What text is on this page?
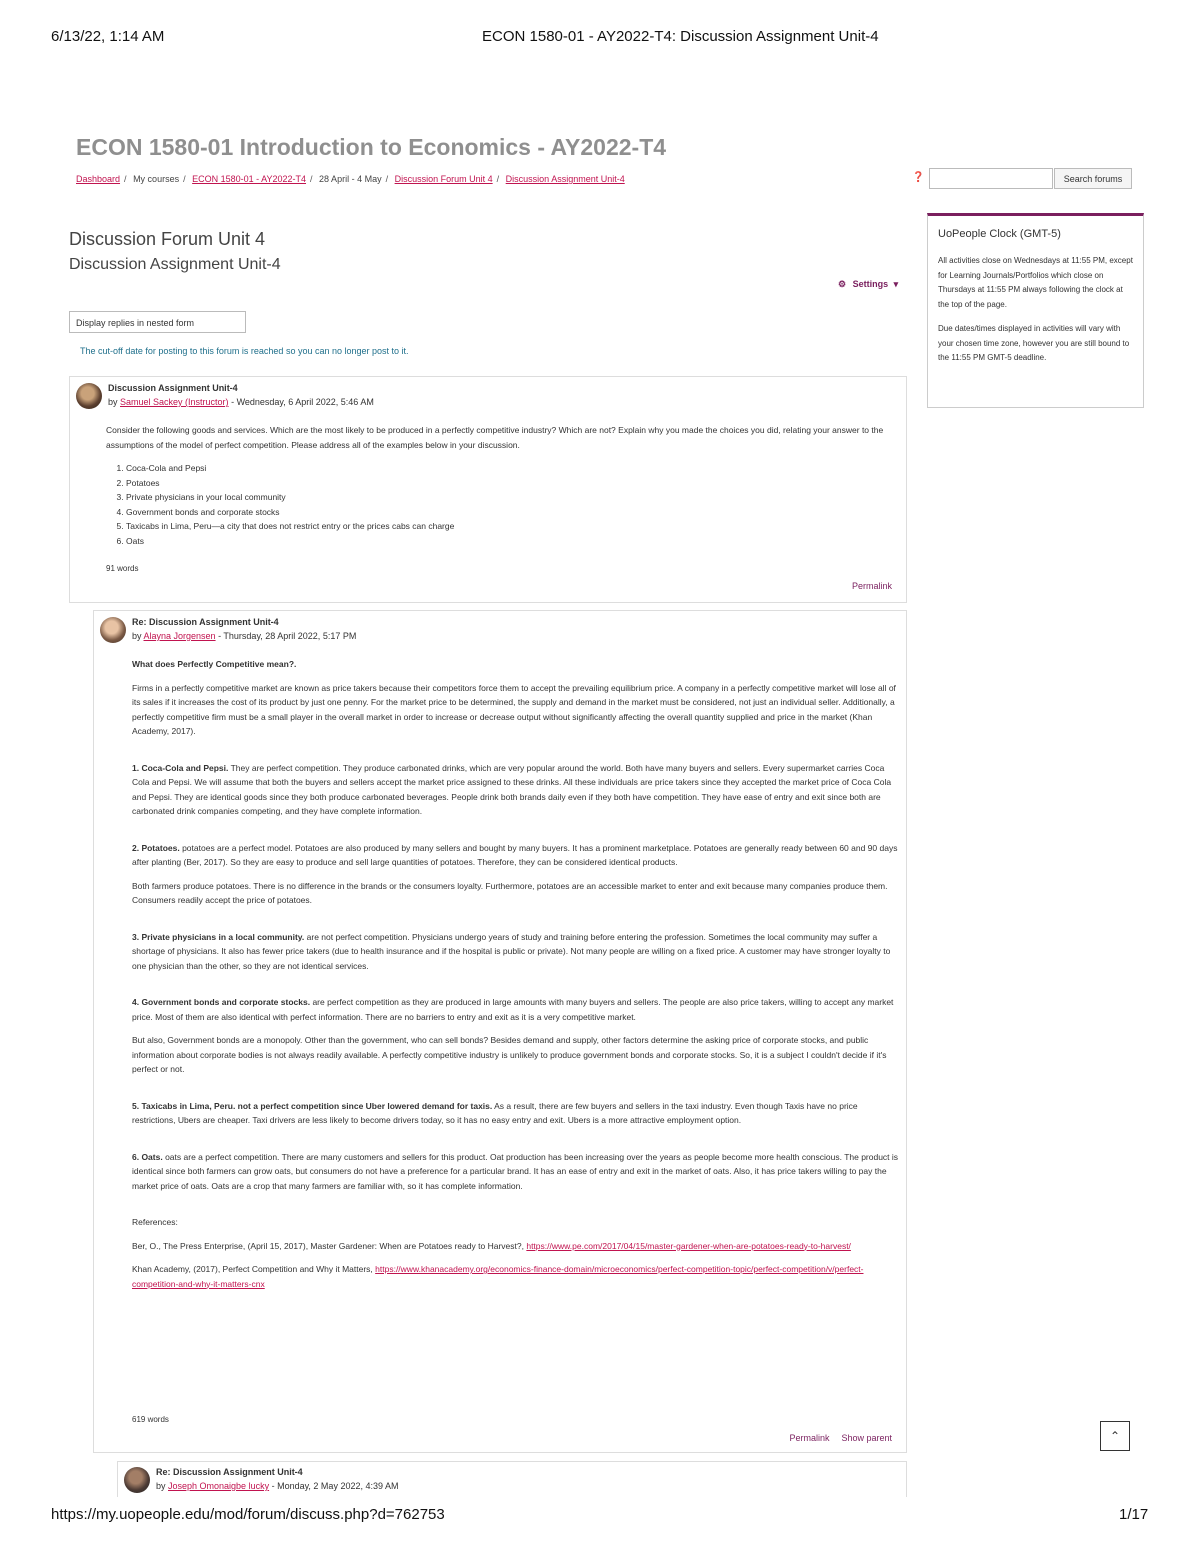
6/13/22, 1:14 AM	ECON 1580-01 - AY2022-T4: Discussion Assignment Unit-4
ECON 1580-01 Introduction to Economics - AY2022-T4
Dashboard / My courses / ECON 1580-01 - AY2022-T4 / 28 April - 4 May / Discussion Forum Unit 4 / Discussion Assignment Unit-4	❓	Search forums
Discussion Forum Unit 4
Discussion Assignment Unit-4
⚙ Settings ▾
Display replies in nested form
The cut-off date for posting to this forum is reached so you can no longer post to it.
Discussion Assignment Unit-4
by Samuel Sackey (Instructor) - Wednesday, 6 April 2022, 5:46 AM

Consider the following goods and services. Which are the most likely to be produced in a perfectly competitive industry? Which are not? Explain why you made the choices you did, relating your answer to the assumptions of the model of perfect competition. Please address all of the examples below in your discussion.

1. Coca-Cola and Pepsi
2. Potatoes
3. Private physicians in your local community
4. Government bonds and corporate stocks
5. Taxicabs in Lima, Peru—a city that does not restrict entry or the prices cabs can charge
6. Oats
91 words
Permalink
Re: Discussion Assignment Unit-4
by Alayna Jorgensen - Thursday, 28 April 2022, 5:17 PM

What does Perfectly Competitive mean?.

Firms in a perfectly competitive market are known as price takers because their competitors force them to accept the prevailing equilibrium price. A company in a perfectly competitive market will lose all of its sales if it increases the cost of its product by just one penny. For the market price to be determined, the supply and demand in the market must be considered, not just an individual seller. Additionally, a perfectly competitive firm must be a small player in the overall market in order to increase or decrease output without significantly affecting the overall quantity supplied and price in the market (Khan Academy, 2017).

1. Coca-Cola and Pepsi. They are perfect competition. They produce carbonated drinks, which are very popular around the world. Both have many buyers and sellers. Every supermarket carries Coca Cola and Pepsi. We will assume that both the buyers and sellers accept the market price assigned to these drinks. All these individuals are price takers since they accepted the market price of Coca Cola and Pepsi. They are identical goods since they both produce carbonated beverages. People drink both brands daily even if they both have competition. They have ease of entry and exit since both are carbonated drink companies competing, and they have complete information.

2. Potatoes. potatoes are a perfect model. Potatoes are also produced by many sellers and bought by many buyers. It has a prominent marketplace. Potatoes are generally ready between 60 and 90 days after planting (Ber, 2017). So they are easy to produce and sell large quantities of potatoes. Therefore, they can be considered identical products.

Both farmers produce potatoes. There is no difference in the brands or the consumers loyalty. Furthermore, potatoes are an accessible market to enter and exit because many companies produce them. Consumers readily accept the price of potatoes.

3. Private physicians in a local community. are not perfect competition. Physicians undergo years of study and training before entering the profession. Sometimes the local community may suffer a shortage of physicians. It also has fewer price takers (due to health insurance and if the hospital is public or private). Not many people are willing on a fixed price. A customer may have stronger loyalty to one physician than the other, so they are not identical services.

4. Government bonds and corporate stocks. are perfect competition as they are produced in large amounts with many buyers and sellers. The people are also price takers, willing to accept any market price. Most of them are also identical with perfect information. There are no barriers to entry and exit as it is a very competitive market.

But also, Government bonds are a monopoly. Other than the government, who can sell bonds? Besides demand and supply, other factors determine the asking price of corporate stocks, and public information about corporate bodies is not always readily available. A perfectly competitive industry is unlikely to produce government bonds and corporate stocks. So, it is a subject I couldn't decide if it's perfect or not.

5. Taxicabs in Lima, Peru. not a perfect competition since Uber lowered demand for taxis. As a result, there are few buyers and sellers in the taxi industry. Even though Taxis have no price restrictions, Ubers are cheaper. Taxi drivers are less likely to become drivers today, so it has no easy entry and exit. Ubers is a more attractive employment option.

6. Oats. oats are a perfect competition. There are many customers and sellers for this product. Oat production has been increasing over the years as people become more health conscious. The product is identical since both farmers can grow oats, but consumers do not have a preference for a particular brand. It has an ease of entry and exit in the market of oats. Also, it has price takers willing to pay the market price of oats. Oats are a crop that many farmers are familiar with, so it has complete information.

References:

Ber, O., The Press Enterprise, (April 15, 2017), Master Gardener: When are Potatoes ready to Harvest?, https://www.pe.com/2017/04/15/master-gardener-when-are-potatoes-ready-to-harvest/

Khan Academy, (2017), Perfect Competition and Why it Matters, https://www.khanacademy.org/economics-finance-domain/microeconomics/perfect-competition-topic/perfect-competition/v/perfect-competition-and-why-it-matters-cnx

619 words
Permalink Show parent
Re: Discussion Assignment Unit-4
by Joseph Omonaigbe lucky - Monday, 2 May 2022, 4:39 AM
UoPeople Clock (GMT-5)

All activities close on Wednesdays at 11:55 PM, except for Learning Journals/Portfolios which close on Thursdays at 11:55 PM always following the clock at the top of the page.

Due dates/times displayed in activities will vary with your chosen time zone, however you are still bound to the 11:55 PM GMT-5 deadline.

⌃
https://my.uopeople.edu/mod/forum/discuss.php?d=762753	1/17
